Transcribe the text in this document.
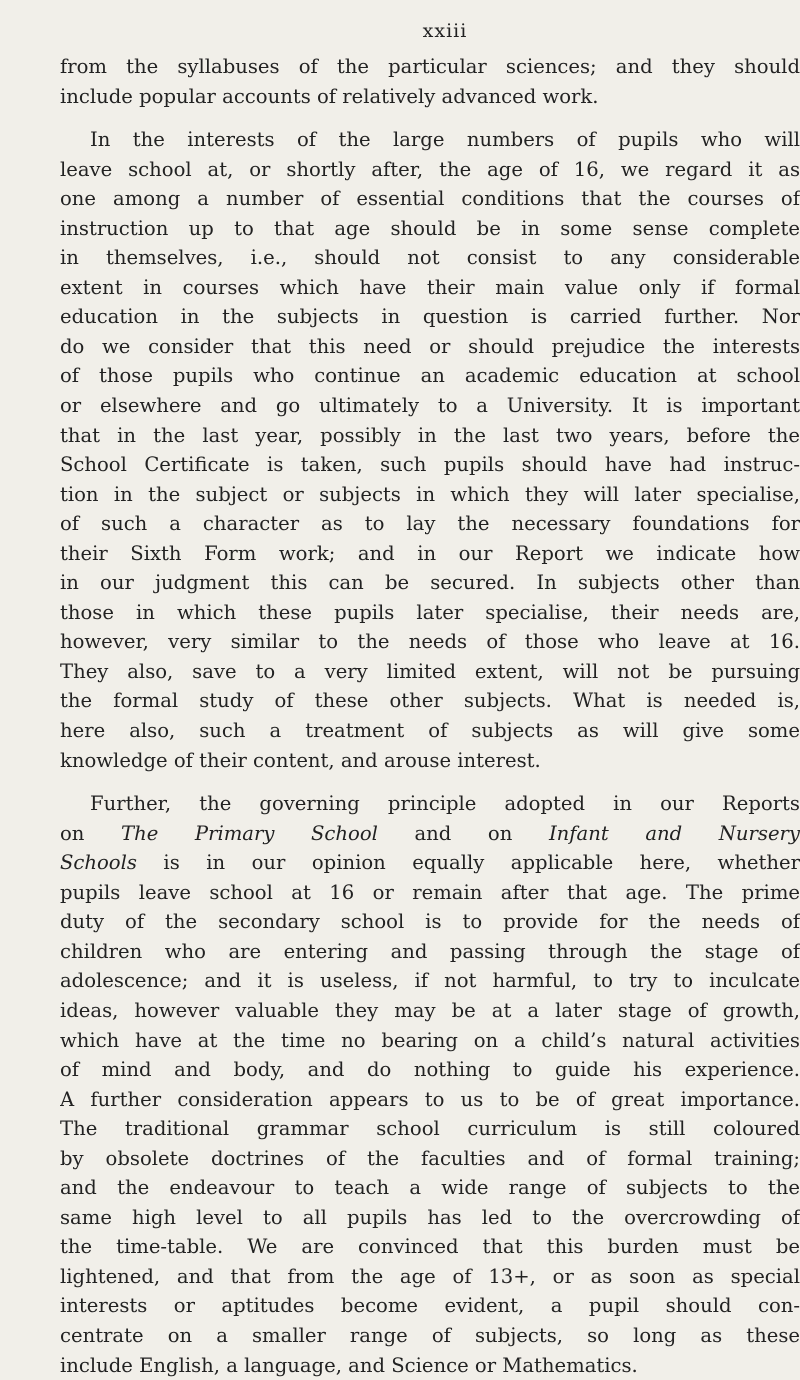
xxiii
from the syllabuses of the particular sciences; and they should
include popular accounts of relatively advanced work.
In the interests of the large numbers of pupils who will
leave school at, or shortly after, the age of 16, we regard it as
one among a number of essential conditions that the courses of
instruction up to that age should be in some sense complete
in themselves, i.e., should not consist to any considerable
extent in courses which have their main value only if formal
education in the subjects in question is carried further. Nor
do we consider that this need or should prejudice the interests
of those pupils who continue an academic education at school
or elsewhere and go ultimately to a University. It is important
that in the last year, possibly in the last two years, before the
School Certificate is taken, such pupils should have had instruc-
tion in the subject or subjects in which they will later specialise,
of such a character as to lay the necessary foundations for
their Sixth Form work; and in our Report we indicate how
in our judgment this can be secured. In subjects other than
those in which these pupils later specialise, their needs are,
however, very similar to the needs of those who leave at 16.
They also, save to a very limited extent, will not be pursuing
the formal study of these other subjects. What is needed is,
here also, such a treatment of subjects as will give some
knowledge of their content, and arouse interest.
Further, the governing principle adopted in our Reports
on The Primary School and on Infant and Nursery
Schools is in our opinion equally applicable here, whether
pupils leave school at 16 or remain after that age. The prime
duty of the secondary school is to provide for the needs of
children who are entering and passing through the stage of
adolescence; and it is useless, if not harmful, to try to inculcate
ideas, however valuable they may be at a later stage of growth,
which have at the time no bearing on a child’s natural activities
of mind and body, and do nothing to guide his experience.
A further consideration appears to us to be of great importance.
The traditional grammar school curriculum is still coloured
by obsolete doctrines of the faculties and of formal training;
and the endeavour to teach a wide range of subjects to the
same high level to all pupils has led to the overcrowding of
the time-table. We are convinced that this burden must be
lightened, and that from the age of 13+, or as soon as special
interests or aptitudes become evident, a pupil should con-
centrate on a smaller range of subjects, so long as these
include English, a language, and Science or Mathematics.
